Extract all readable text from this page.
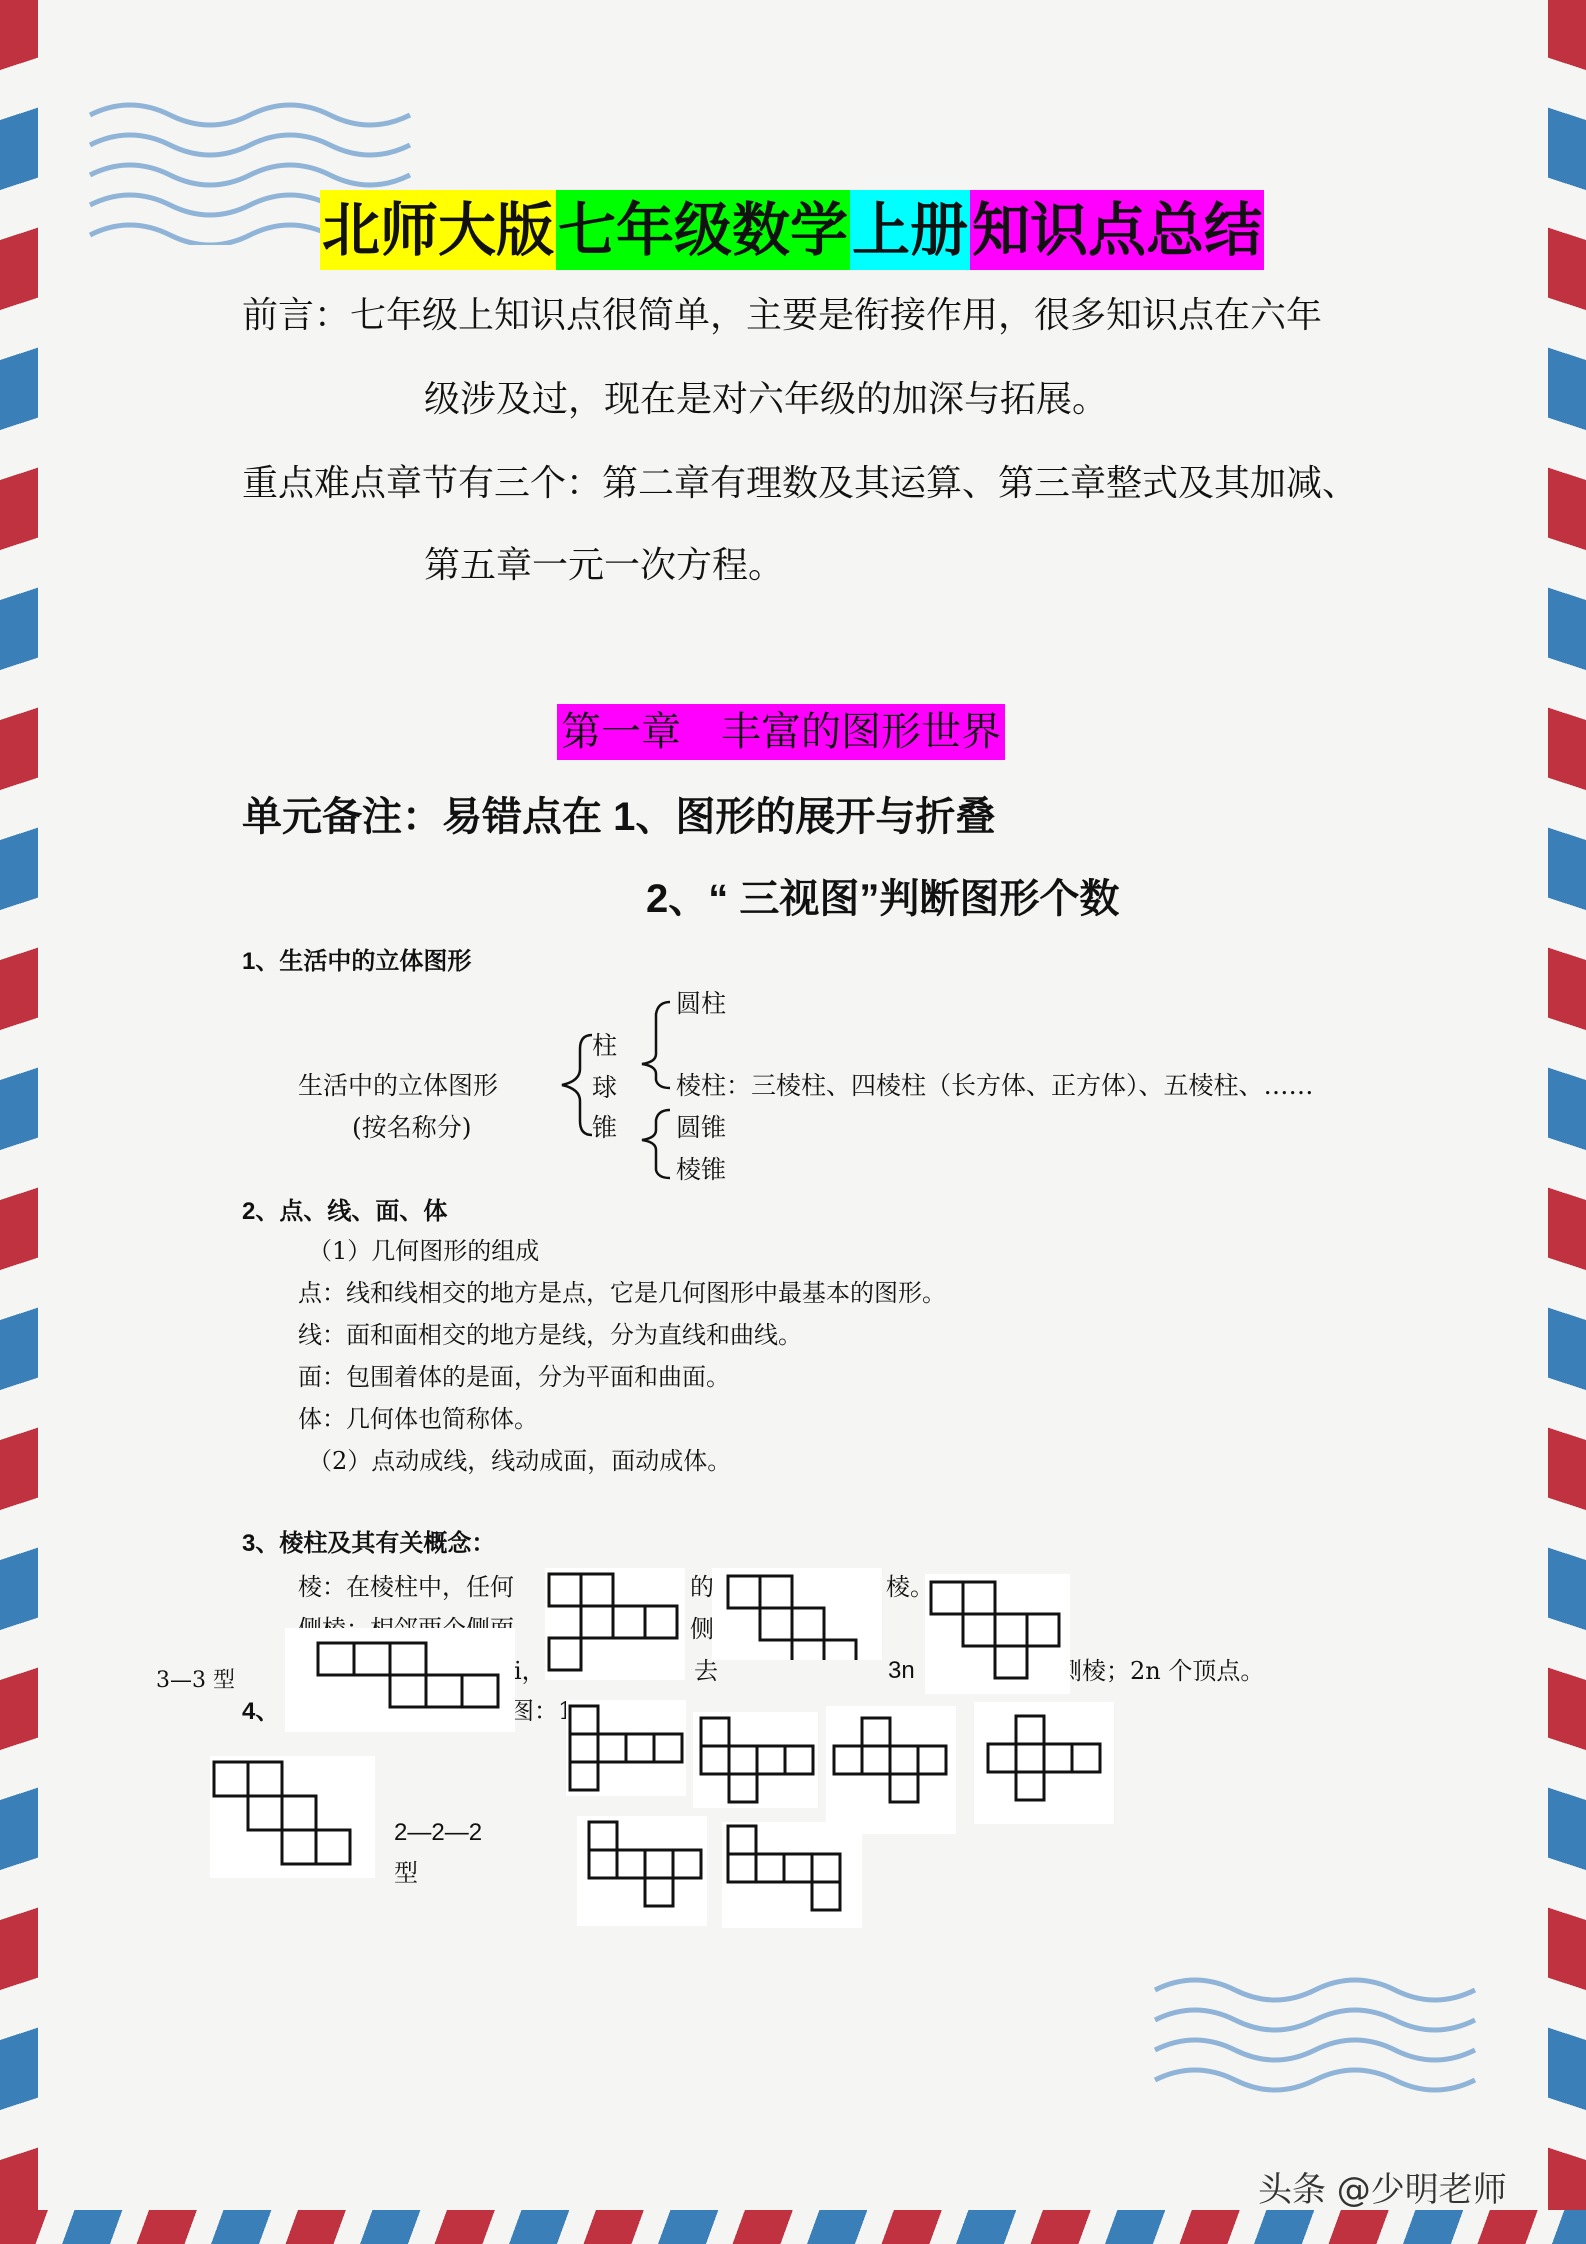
北师大版七年级数学上册知识点总结
前言：七年级上知识点很简单，主要是衔接作用，很多知识点在六年
级涉及过，现在是对六年级的加深与拓展。
重点难点章节有三个：第二章有理数及其运算、第三章整式及其加减、
第五章一元一次方程。
第一章　丰富的图形世界
单元备注：易错点在 1、图形的展开与折叠
2、“ 三视图”判断图形个数
1、生活中的立体图形
生活中的立体图形
(按名称分)
柱
球
锥
圆柱
棱柱：三棱柱、四棱柱（长方体、正方体）、五棱柱、……
圆锥
棱锥
2、点、线、面、体
（1）几何图形的组成
点：线和线相交的地方是点，它是几何图形中最基本的图形。
线：面和面相交的地方是线，分为直线和曲线。
面：包围着体的是面，分为平面和曲面。
体：几何体也简称体。
（2）点动成线，线动成面，面动成体。
3、棱柱及其有关概念：
棱：在棱柱中，任何	的	棱。
侧棱：相邻两个侧面	侧
i，	去	3n	侧棱；2n 个顶点。
4、	图：1
3—3 型
2—2—2
型
头条 @少明老师
